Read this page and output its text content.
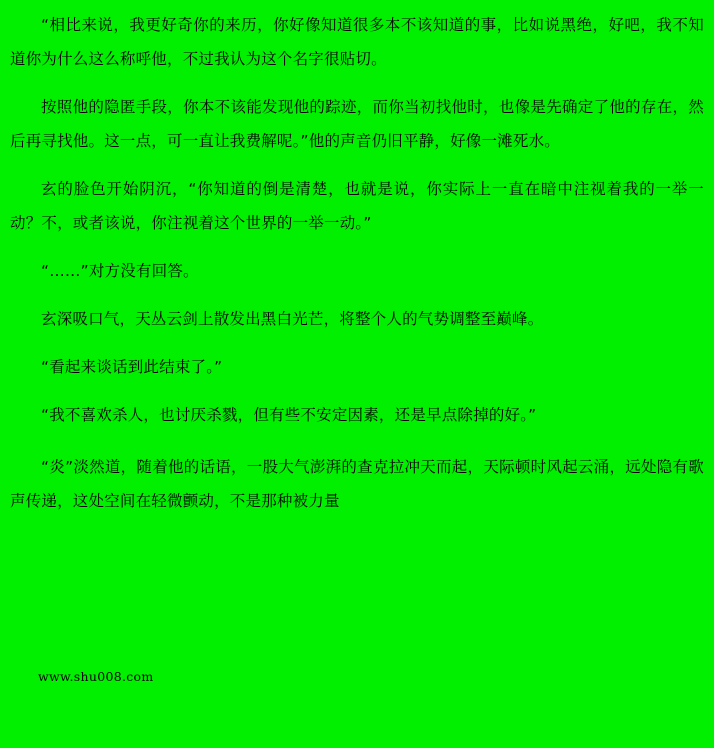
“相比来说，我更好奇你的来历，你好像知道很多本不该知道的事，比如说黑绝，好吧，我不知道你为什么这么称呼他，不过我认为这个名字很贴切。

按照他的隐匿手段，你本不该能发现他的踪迹，而你当初找他时，也像是先确定了他的存在，然后再寻找他。这一点，可一直让我费解呢。”他的声音仍旧平静，好像一滩死水。

玄的脸色开始阴沉，“你知道的倒是清楚，也就是说，你实际上一直在暗中注视着我的一举一动？不，或者该说，你注视着这个世界的一举一动。”

“……”对方没有回答。

玄深吸口气，天丛云剑上散发出黑白光芒，将整个人的气势调整至巅峰。

“看起来谈话到此结束了。”

“我不喜欢杀人，也讨厌杀戮，但有些不安定因素，还是早点除掉的好。”

www.shu008.com

“炎”淡然道，随着他的话语，一股大气澎湃的查克拉冲天而起，天际顿时风起云涌，远处隐有歌声传递，这处空间在轻微颤动，不是那种被力量
